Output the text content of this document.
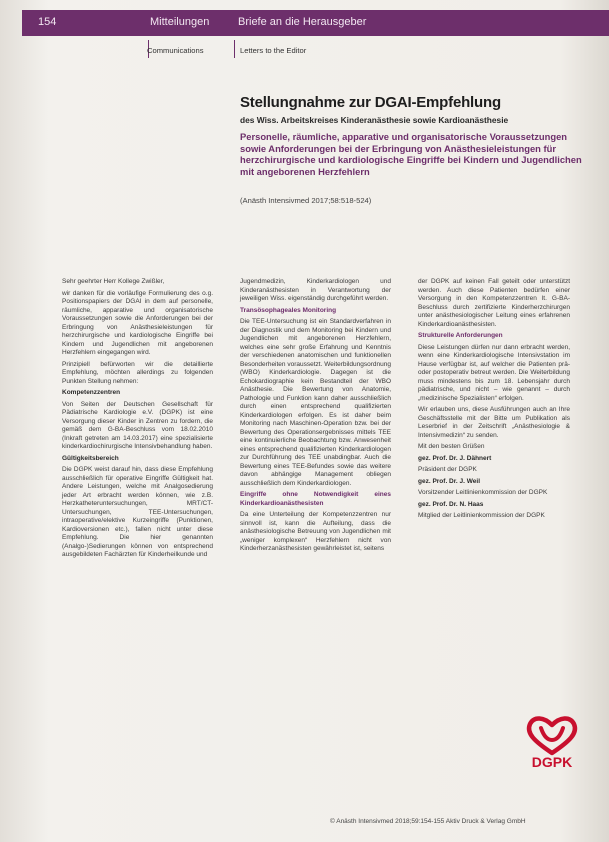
154	Mitteilungen	Briefe an die Herausgeber
Communications	Letters to the Editor
Stellungnahme zur DGAI-Empfehlung
des Wiss. Arbeitskreises Kinderanästhesie sowie Kardioanästhesie
Personelle, räumliche, apparative und organisatorische Voraussetzungen sowie Anforderungen bei der Erbringung von Anästhesieleistungen für herzchirurgische und kardiologische Eingriffe bei Kindern und Jugendlichen mit angeborenen Herzfehlern
(Anästh Intensivmed 2017;58:518-524)

Sehr geehrter Herr Kollege Zwißler,

wir danken für die vorläufige Formulierung des o.g. Positionspapiers der DGAI in dem auf personelle, räumliche, apparative und organisatorische Voraussetzungen sowie die Anforderungen bei der Erbringung von Anästhesieleistungen für herzchirurgische und kardiologische Eingriffe bei Kindern und Jugendlichen mit angeborenen Herzfehlern eingegangen wird.

Prinzipiell befürworten wir die detaillierte Empfehlung, möchten allerdings zu folgenden Punkten Stellung nehmen:

Kompetenzzentren

Von Seiten der Deutschen Gesellschaft für Pädiatrische Kardiologie e.V. (DGPK) ist eine Versorgung dieser Kinder in Zentren zu fordern, die gemäß dem G-BA-Beschluss vom 18.02.2010 (Inkraft getreten am 14.03.2017) eine spezialisierte kinderkardiochirurgische Intensivbehandlung haben.

Gültigkeitsbereich

Die DGPK weist darauf hin, dass diese Empfehlung ausschließlich für operative Eingriffe Gültigkeit hat. Andere Leistungen, welche mit Analgosedierung jeder Art erbracht werden können, wie z.B. Herzkatheteruntersuchungen, MRT/CT-Untersuchungen, TEE-Untersuchungen, intraoperative/elektive Kurzeingriffe (Punktionen, Kardioversionen etc.), fallen nicht unter diese Empfehlung. Die hier genannten (Analgo-)Sedierungen können von entsprechend ausgebildeten Fachärzten für Kinderheilkunde und

Jugendmedizin, Kinderkardiologen und Kinderanästhesisten in Verantwortung der jeweiligen Wiss. eigenständig durchgeführt werden.

Transösophageales Monitoring

Die TEE-Untersuchung ist ein Standardverfahren in der Diagnostik und dem Monitoring bei Kindern und Jugendlichen mit angeborenen Herzfehlern, welches eine sehr große Erfahrung und Kenntnis der verschiedenen anatomischen und funktionellen Besonderheiten voraussetzt. Weiterbildungsordnung (WBO) Kinderkardiologie. Dagegen ist die Echokardiographie kein Bestandteil der WBO Anästhesie. Die Bewertung von Anatomie, Pathologie und Funktion kann daher ausschließlich durch einen entsprechend qualifizierten Kinderkardiologen erfolgen. Es ist daher beim Monitoring nach Maschinen-Operation bzw. bei der Bewertung des Operationsergebnisses mittels TEE eine kontinuierliche Beobachtung bzw. Anwesenheit eines entsprechend qualifizierten Kinderkardiologen zur Durchführung des TEE unabdingbar. Auch die Bewertung eines TEE-Befundes sowie das weitere davon abhängige Management obliegen ausschließlich dem Kinderkardiologen.

Eingriffe ohne Notwendigkeit eines Kinderkardioanästhesisten

Da eine Unterteilung der Kompetenzzentren nur sinnvoll ist, kann die Aufteilung, dass die anästhesiologische Betreuung von Jugendlichen mit „weniger komplexen“ Herzfehlern nicht von Kinderherzanästhesisten gewährleistet ist, seitens

der DGPK auf keinen Fall geteilt oder unterstützt werden. Auch diese Patienten bedürfen einer Versorgung in den Kompetenzzentren lt. G-BA-Beschluss durch zertifizierte Kinderherzchirurgen unter anästhesiologischer Leitung eines erfahrenen Kinderkardioanästhesisten.

Strukturelle Anforderungen

Diese Leistungen dürfen nur dann erbracht werden, wenn eine Kinderkardiologische Intensivstation im Hause verfügbar ist, auf welcher die Patienten prä- oder postoperativ betreut werden. Die Weiterbildung muss mindestens bis zum 18. Lebensjahr durch pädiatrische, und nicht – wie genannt – durch „medizinische Spezialisten“ erfolgen.

Wir erlauben uns, diese Ausführungen auch an Ihre Geschäftsstelle mit der Bitte um Publikation als Leserbrief in der Zeitschrift „Anästhesiologie & Intensivmedizin“ zu senden.

Mit den besten Grüßen

gez. Prof. Dr. J. Dähnert

Präsident der DGPK

gez. Prof. Dr. J. Weil

Vorsitzender Leitlinienkommission der DGPK

gez. Prof. Dr. N. Haas

Mitglied der Leitlinienkommission der DGPK

DGPK
© Anästh Intensivmed 2018;59:154-155 Aktiv Druck & Verlag GmbH
